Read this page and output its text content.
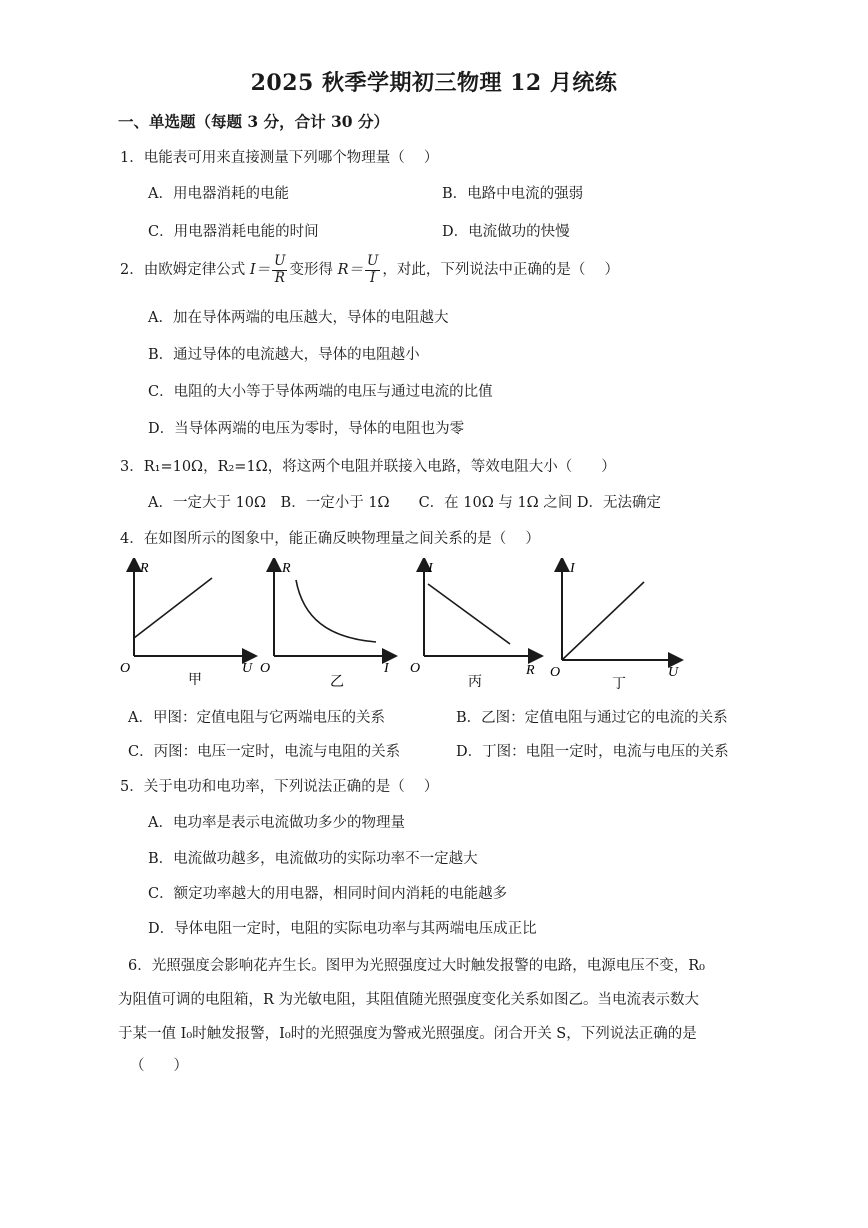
2025 秋季学期初三物理 12 月统练
一、单选题（每题 3 分，合计 30 分）
1．电能表可用来直接测量下列哪个物理量（　 ）
A．用电器消耗的电能	B．电路中电流的强弱
C．用电器消耗电能的时间	D．电流做功的快慢
2．由欧姆定律公式 $I= \frac{U}{R}$ 变形得 $R= \frac{U}{I}$ ，对此，下列说法中正确的是（　 ）
A．加在导体两端的电压越大，导体的电阻越大
B．通过导体的电流越大，导体的电阻越小
C．电阻的大小等于导体两端的电压与通过电流的比值
D．当导体两端的电压为零时，导体的电阻也为零
3．R₁=10Ω，R₂=1Ω，将这两个电阻并联接入电路，等效电阻大小（　　）
A．一定大于 10Ω　B．一定小于 1Ω　　C．在 10Ω 与 1Ω 之间 D．无法确定
4．在如图所示的图象中，能正确反映物理量之间关系的是（　 ）
R
O	U
甲
R
O	I
乙
I
O	R
丙
I
O	U
丁
A．甲图：定值电阻与它两端电压的关系	B．乙图：定值电阻与通过它的电流的关系
C．丙图：电压一定时，电流与电阻的关系	D．丁图：电阻一定时，电流与电压的关系
5．关于电功和电功率，下列说法正确的是（　 ）
A．电功率是表示电流做功多少的物理量
B．电流做功越多，电流做功的实际功率不一定越大
C．额定功率越大的用电器，相同时间内消耗的电能越多
D．导体电阻一定时，电阻的实际电功率与其两端电压成正比
6．光照强度会影响花卉生长。图甲为光照强度过大时触发报警的电路，电源电压不变，R₀
为阻值可调的电阻箱，R 为光敏电阻，其阻值随光照强度变化关系如图乙。当电流表示数大
于某一值 I₀时触发报警，I₀时的光照强度为警戒光照强度。闭合开关 S，下列说法正确的是
（　　）
